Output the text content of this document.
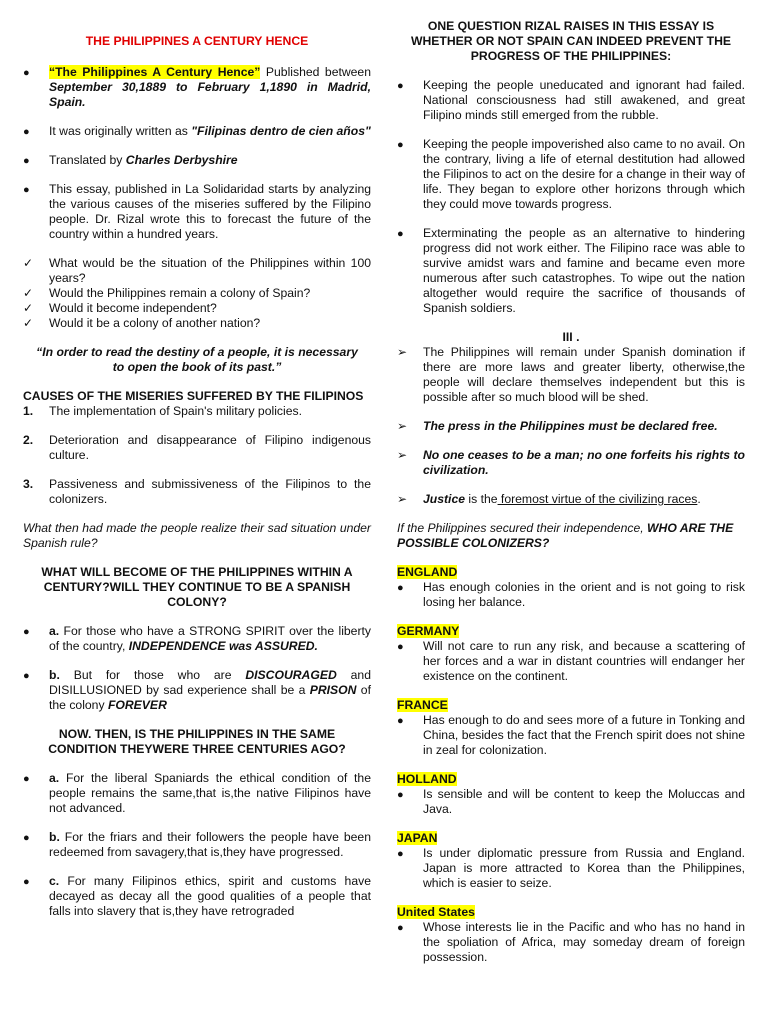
THE PHILIPPINES A CENTURY HENCE

●
“The Philippines A Century Hence” Published between September 30,1889 to February 1,1890 in Madrid, Spain.

●
It was originally written as "Filipinas dentro de cien años"

●
Translated by Charles Derbyshire

●
This essay, published in La Solidaridad starts by analyzing the various causes of the miseries suffered by the Filipino people. Dr. Rizal wrote this to forecast the future of the country within a hundred years.

✓
What would be the situation of the Philippines within 100 years?

✓
Would the Philippines remain a colony of Spain?

✓
Would it become independent?

✓
Would it be a colony of another nation?

“In order to read the destiny of a people, it is necessary to open the book of its past.”

CAUSES OF THE MISERIES SUFFERED BY THE FILIPINOS

1. The implementation of Spain's military policies.

2. Deterioration and disappearance of Filipino indigenous culture.

3. Passiveness and submissiveness of the Filipinos to the colonizers.

What then had made the people realize their sad situation under Spanish rule?

WHAT WILL BECOME OF THE PHILIPPINES WITHIN A CENTURY?WILL THEY CONTINUE TO BE A SPANISH COLONY?

●
a. For those who have a STRONG SPIRIT over the liberty of the country, INDEPENDENCE was ASSURED.

●
b. But for those who are DISCOURAGED and DISILLUSIONED by sad experience shall be a PRISON of the colony FOREVER

NOW. THEN, IS THE PHILIPPINES IN THE SAME CONDITION THEYWERE THREE CENTURIES AGO?

●
a. For the liberal Spaniards the ethical condition of the people remains the same,that is,the native Filipinos have not advanced.

●
b. For the friars and their followers the people have been redeemed from savagery,that is,they have progressed.

●
c. For many Filipinos ethics, spirit and customs have decayed as decay all the good qualities of a people that falls into slavery that is,they have retrograded

ONE QUESTION RIZAL RAISES IN THIS ESSAY IS WHETHER OR NOT SPAIN CAN INDEED PREVENT THE PROGRESS OF THE PHILIPPINES:

●
Keeping the people uneducated and ignorant had failed. National consciousness had still awakened, and great Filipino minds still emerged from the rubble.

●
Keeping the people impoverished also came to no avail. On the contrary, living a life of eternal destitution had allowed the Filipinos to act on the desire for a change in their way of life. They began to explore other horizons through which they could move towards progress.

●
Exterminating the people as an alternative to hindering progress did not work either. The Filipino race was able to survive amidst wars and famine and became even more numerous after such catastrophes. To wipe out the nation altogether would require the sacrifice of thousands of Spanish soldiers.

III .

➢
The Philippines will remain under Spanish domination if there are more laws and greater liberty, otherwise,the people will declare themselves independent but this is possible after so much blood will be shed.

➢
The press in the Philippines must be declared free.

➢
No one ceases to be a man; no one forfeits his rights to civilization.

➢
Justice is the foremost virtue of the civilizing races.

If the Philippines secured their independence, WHO ARE THE POSSIBLE COLONIZERS?

ENGLAND

●
Has enough colonies in the orient and is not going to risk losing her balance.

GERMANY

●
Will not care to run any risk, and because a scattering of her forces and a war in distant countries will endanger her existence on the continent.

FRANCE

●
Has enough to do and sees more of a future in Tonking and China, besides the fact that the French spirit does not shine in zeal for colonization.

HOLLAND

●
Is sensible and will be content to keep the Moluccas and Java.

JAPAN

●
Is under diplomatic pressure from Russia and England. Japan is more attracted to Korea than the Philippines, which is easier to seize.

United States

●
Whose interests lie in the Pacific and who has no hand in the spoliation of Africa, may someday dream of foreign possession.
